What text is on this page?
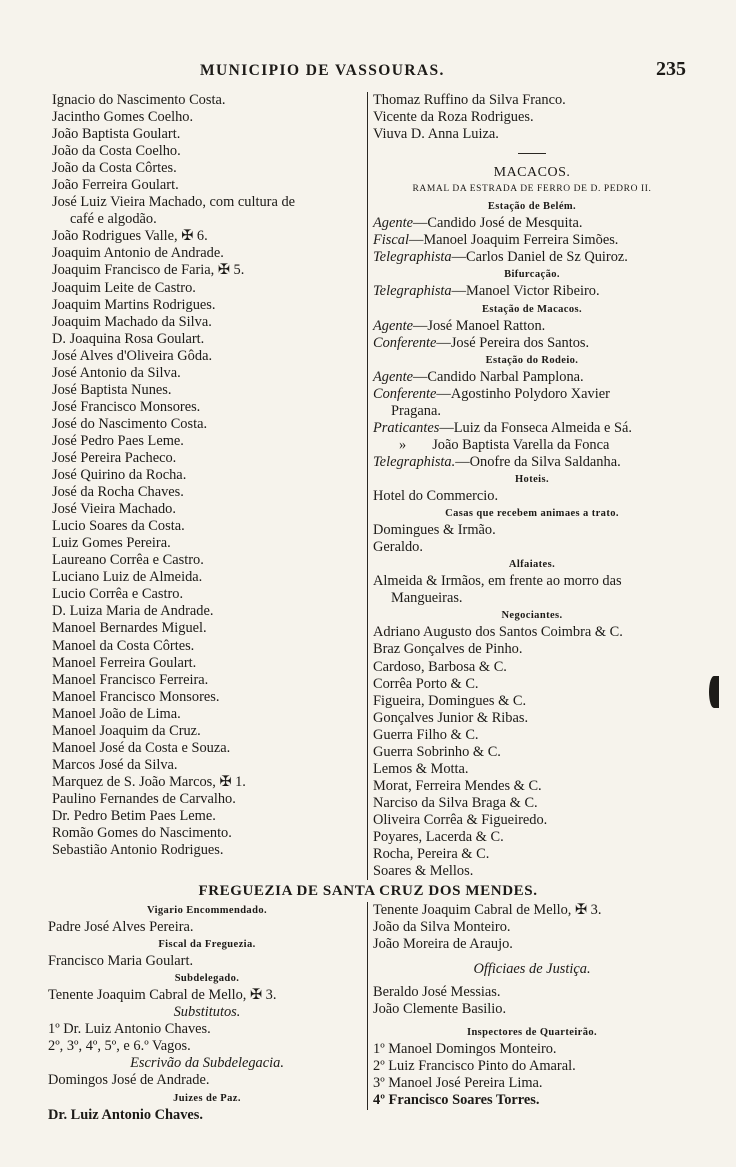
MUNICIPIO DE VASSOURAS.	235
Ignacio do Nascimento Costa.
Jacintho Gomes Coelho.
João Baptista Goulart.
João da Costa Coelho.
João da Costa Côrtes.
João Ferreira Goulart.
José Luiz Vieira Machado, com cultura de
café e algodão.
João Rodrigues Valle, ✠ 6.
Joaquim Antonio de Andrade.
Joaquim Francisco de Faria, ✠ 5.
Joaquim Leite de Castro.
Joaquim Martins Rodrigues.
Joaquim Machado da Silva.
D. Joaquina Rosa Goulart.
José Alves d'Oliveira Gôda.
José Antonio da Silva.
José Baptista Nunes.
José Francisco Monsores.
José do Nascimento Costa.
José Pedro Paes Leme.
José Pereira Pacheco.
José Quirino da Rocha.
José da Rocha Chaves.
José Vieira Machado.
Lucio Soares da Costa.
Luiz Gomes Pereira.
Laureano Corrêa e Castro.
Luciano Luiz de Almeida.
Lucio Corrêa e Castro.
D. Luiza Maria de Andrade.
Manoel Bernardes Miguel.
Manoel da Costa Côrtes.
Manoel Ferreira Goulart.
Manoel Francisco Ferreira.
Manoel Francisco Monsores.
Manoel João de Lima.
Manoel Joaquim da Cruz.
Manoel José da Costa e Souza.
Marcos José da Silva.
Marquez de S. João Marcos, ✠ 1.
Paulino Fernandes de Carvalho.
Dr. Pedro Betim Paes Leme.
Romão Gomes do Nascimento.
Sebastião Antonio Rodrigues.
Thomaz Ruffino da Silva Franco.
Vicente da Roza Rodrigues.
Viuva D. Anna Luiza.
MACACOS.
RAMAL DA ESTRADA DE FERRO DE D. PEDRO II.
Estação de Belém.
Agente—Candido José de Mesquita.
Fiscal—Manoel Joaquim Ferreira Simões.
Telegraphista—Carlos Daniel de Sz Quiroz.
Bifurcação.
Telegraphista—Manoel Victor Ribeiro.
Estação de Macacos.
Agente—José Manoel Ratton.
Conferente—José Pereira dos Santos.
Estação do Rodeio.
Agente—Candido Narbal Pamplona.
Conferente—Agostinho Polydoro Xavier
Pragana.
Praticantes—Luiz da Fonseca Almeida e Sá.
» João Baptista Varella da Fonca
Telegraphista.—Onofre da Silva Saldanha.
Hoteis.
Hotel do Commercio.
Casas que recebem animaes a trato.
Domingues & Irmão.
Geraldo.
Alfaiates.
Almeida & Irmãos, em frente ao morro das
Mangueiras.
Negociantes.
Adriano Augusto dos Santos Coimbra & C.
Braz Gonçalves de Pinho.
Cardoso, Barbosa & C.
Corrêa Porto & C.
Figueira, Domingues & C.
Gonçalves Junior & Ribas.
Guerra Filho & C.
Guerra Sobrinho & C.
Lemos & Motta.
Morat, Ferreira Mendes & C.
Narciso da Silva Braga & C.
Oliveira Corrêa & Figueiredo.
Poyares, Lacerda & C.
Rocha, Pereira & C.
Soares & Mellos.
FREGUEZIA DE SANTA CRUZ DOS MENDES.
Vigario Encommendado.
Padre José Alves Pereira.
Fiscal da Freguezia.
Francisco Maria Goulart.
Subdelegado.
Tenente Joaquim Cabral de Mello, ✠ 3.
Substitutos.
1º Dr. Luiz Antonio Chaves.
2º, 3º, 4º, 5º, e 6.º Vagos.
Escrivão da Subdelegacia.
Domingos José de Andrade.
Juizes de Paz.
Dr. Luiz Antonio Chaves.
Tenente Joaquim Cabral de Mello, ✠ 3.
João da Silva Monteiro.
João Moreira de Araujo.
Officiaes de Justiça.
Beraldo José Messias.
João Clemente Basilio.
Inspectores de Quarteirão.
1º Manoel Domingos Monteiro.
2º Luiz Francisco Pinto do Amaral.
3º Manoel José Pereira Lima.
4º Francisco Soares Torres.
